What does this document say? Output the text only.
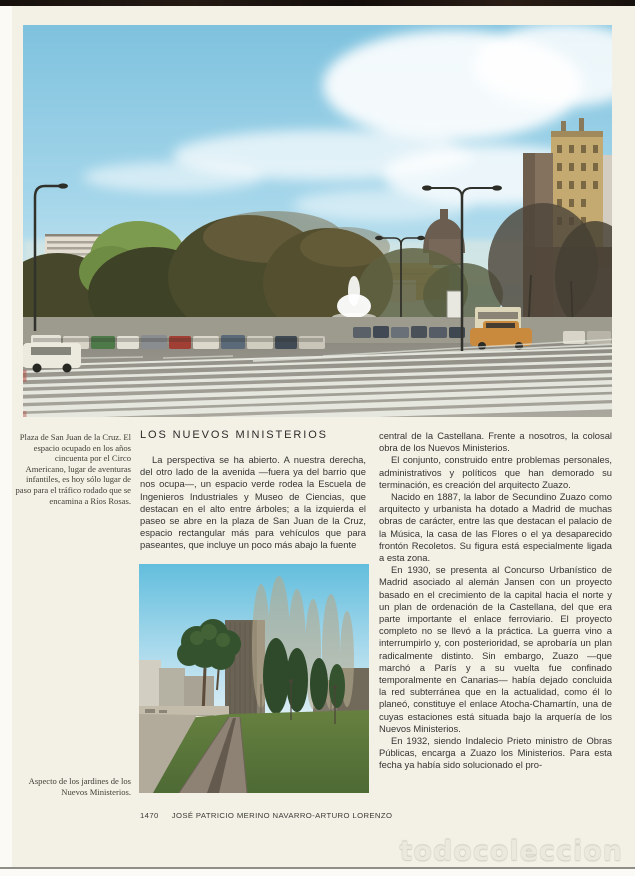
Plaza de San Juan de la Cruz. El espacio ocupado en los años cincuenta por el Circo Americano, lugar de aventuras infantiles, es hoy sólo lugar de paso para el tráfico rodado que se encamina a Ríos Rosas.
LOS NUEVOS MINISTERIOS

La perspectiva se ha abierto. A nuestra derecha, del otro lado de la avenida —fuera ya del barrio que nos ocupa—, un espacio verde rodea la Escuela de Ingenieros Industriales y Museo de Ciencias, que destacan en el alto entre árboles; a la izquierda el paseo se abre en la plaza de San Juan de la Cruz, espacio rectangular más para vehículos que para paseantes, que incluye un poco más abajo la fuente

Aspecto de los jardines de los Nuevos Ministerios.

central de la Castellana. Frente a nosotros, la colosal obra de los Nuevos Ministerios.

El conjunto, construido entre problemas personales, administrativos y políticos que han demorado su terminación, es creación del arquitecto Zuazo.

Nacido en 1887, la labor de Secundino Zuazo como arquitecto y urbanista ha dotado a Madrid de muchas obras de carácter, entre las que destacan el palacio de la Música, la casa de las Flores o el ya desaparecido frontón Recoletos. Su figura está especialmente ligada a esta zona.

En 1930, se presenta al Concurso Urbanístico de Madrid asociado al alemán Jansen con un proyecto basado en el crecimiento de la capital hacia el norte y un plan de ordenación de la Castellana, del que era parte importante el enlace ferroviario. El proyecto completo no se llevó a la práctica. La guerra vino a interrumpirlo y, con posterioridad, se aprobaría un plan radicalmente distinto. Sin embargo, Zuazo —que marchó a París y a su vuelta fue confinado temporalmente en Canarias— había dejado concluida la red subterránea que en la actualidad, como él lo planeó, constituye el enlace Atocha-Chamartín, una de cuyas estaciones está situada bajo la arquería de los Nuevos Ministerios.

En 1932, siendo Indalecio Prieto ministro de Obras Públicas, encarga a Zuazo los Ministerios. Para esta fecha ya había sido solucionado el pro-

1470 JOSÉ PATRICIO MERINO NAVARRO-ARTURO LORENZO
todocoleccion
